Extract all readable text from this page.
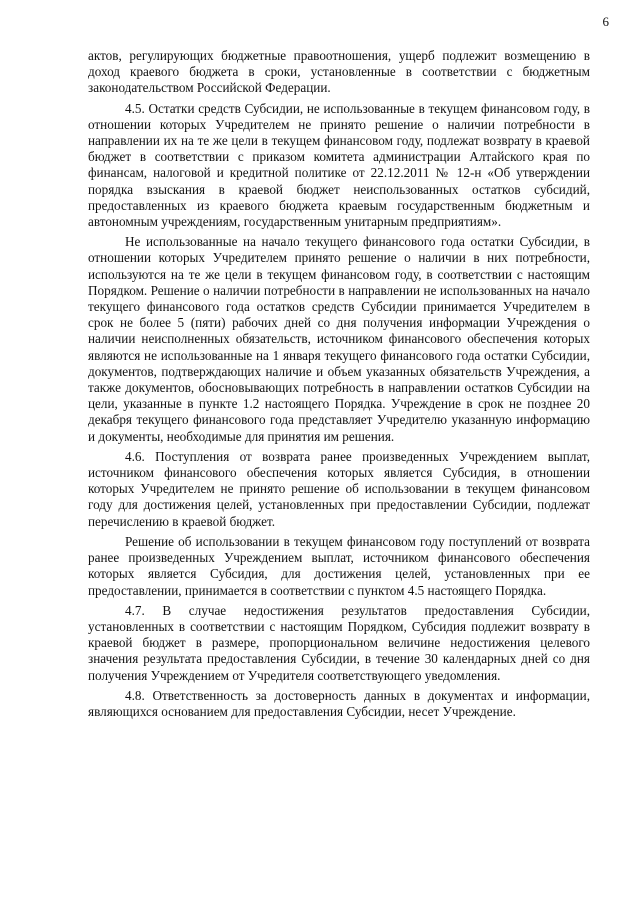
6

актов, регулирующих бюджетные правоотношения, ущерб подлежит возмещению в доход краевого бюджета в сроки, установленные в соответствии с бюджетным законодательством Российской Федерации.

4.5. Остатки средств Субсидии, не использованные в текущем финансовом году, в отношении которых Учредителем не принято решение о наличии потребности в направлении их на те же цели в текущем финансовом году, подлежат возврату в краевой бюджет в соответствии с приказом комитета администрации Алтайского края по финансам, налоговой и кредитной политике от 22.12.2011 № 12-н «Об утверждении порядка взыскания в краевой бюджет неиспользованных остатков субсидий, предоставленных из краевого бюджета краевым государственным бюджетным и автономным учреждениям, государственным унитарным предприятиям».

Не использованные на начало текущего финансового года остатки Субсидии, в отношении которых Учредителем принято решение о наличии в них потребности, используются на те же цели в текущем финансовом году, в соответствии с настоящим Порядком. Решение о наличии потребности в направлении не использованных на начало текущего финансового года остатков средств Субсидии принимается Учредителем в срок не более 5 (пяти) рабочих дней со дня получения информации Учреждения о наличии неисполненных обязательств, источником финансового обеспечения которых являются не использованные на 1 января текущего финансового года остатки Субсидии, документов, подтверждающих наличие и объем указанных обязательств Учреждения, а также документов, обосновывающих потребность в направлении остатков Субсидии на цели, указанные в пункте 1.2 настоящего Порядка. Учреждение в срок не позднее 20 декабря текущего финансового года представляет Учредителю указанную информацию и документы, необходимые для принятия им решения.

4.6. Поступления от возврата ранее произведенных Учреждением выплат, источником финансового обеспечения которых является Субсидия, в отношении которых Учредителем не принято решение об использовании в текущем финансовом году для достижения целей, установленных при предоставлении Субсидии, подлежат перечислению в краевой бюджет.

Решение об использовании в текущем финансовом году поступлений от возврата ранее произведенных Учреждением выплат, источником финансового обеспечения которых является Субсидия, для достижения целей, установленных при ее предоставлении, принимается в соответствии с пунктом 4.5 настоящего Порядка.

4.7. В случае недостижения результатов предоставления Субсидии, установленных в соответствии с настоящим Порядком, Субсидия подлежит возврату в краевой бюджет в размере, пропорциональном величине недостижения целевого значения результата предоставления Субсидии, в течение 30 календарных дней со дня получения Учреждением от Учредителя соответствующего уведомления.

4.8. Ответственность за достоверность данных в документах и информации, являющихся основанием для предоставления Субсидии, несет Учреждение.
